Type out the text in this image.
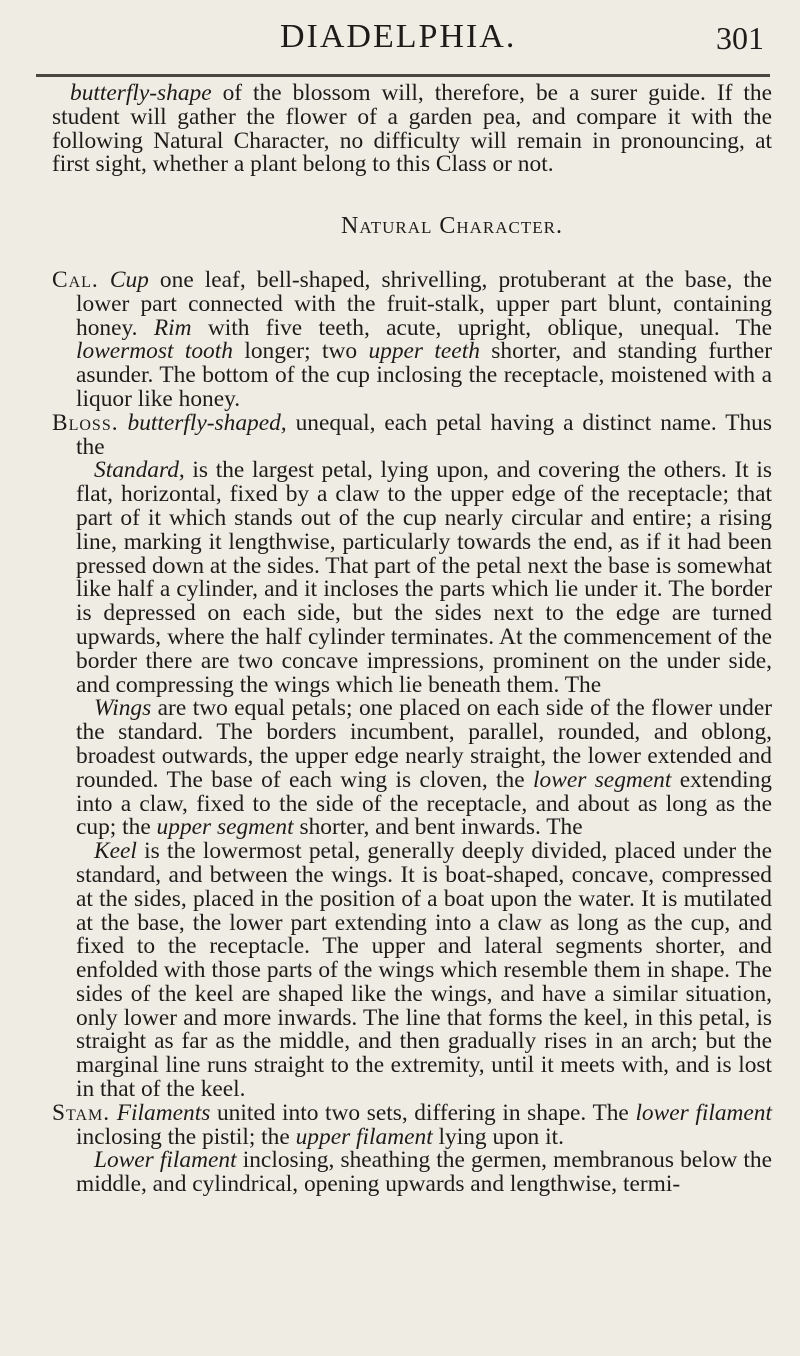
DIADELPHIA.	301

butterfly-shape of the blossom will, therefore, be a surer guide. If the student will gather the flower of a garden pea, and compare it with the following Natural Character, no difficulty will remain in pronouncing, at first sight, whether a plant belong to this Class or not.

Natural Character.

Cal. Cup one leaf, bell-shaped, shrivelling, protuberant at the base, the lower part connected with the fruit-stalk, upper part blunt, containing honey. Rim with five teeth, acute, upright, oblique, unequal. The lowermost tooth longer; two upper teeth shorter, and standing further asunder. The bottom of the cup inclosing the receptacle, moistened with a liquor like honey.

Bloss. butterfly-shaped, unequal, each petal having a distinct name. Thus the

Standard, is the largest petal, lying upon, and covering the others. It is flat, horizontal, fixed by a claw to the upper edge of the receptacle; that part of it which stands out of the cup nearly circular and entire; a rising line, marking it lengthwise, particularly towards the end, as if it had been pressed down at the sides. That part of the petal next the base is somewhat like half a cylinder, and it incloses the parts which lie under it. The border is depressed on each side, but the sides next to the edge are turned upwards, where the half cylinder terminates. At the commencement of the border there are two concave impressions, prominent on the under side, and compressing the wings which lie beneath them. The

Wings are two equal petals; one placed on each side of the flower under the standard. The borders incumbent, parallel, rounded, and oblong, broadest outwards, the upper edge nearly straight, the lower extended and rounded. The base of each wing is cloven, the lower segment extending into a claw, fixed to the side of the receptacle, and about as long as the cup; the upper segment shorter, and bent inwards. The

Keel is the lowermost petal, generally deeply divided, placed under the standard, and between the wings. It is boat-shaped, concave, compressed at the sides, placed in the position of a boat upon the water. It is mutilated at the base, the lower part extending into a claw as long as the cup, and fixed to the receptacle. The upper and lateral segments shorter, and enfolded with those parts of the wings which resemble them in shape. The sides of the keel are shaped like the wings, and have a similar situation, only lower and more inwards. The line that forms the keel, in this petal, is straight as far as the middle, and then gradually rises in an arch; but the marginal line runs straight to the extremity, until it meets with, and is lost in that of the keel.

Stam. Filaments united into two sets, differing in shape. The lower filament inclosing the pistil; the upper filament lying upon it.

Lower filament inclosing, sheathing the germen, membranous below the middle, and cylindrical, opening upwards and lengthwise, termi-
